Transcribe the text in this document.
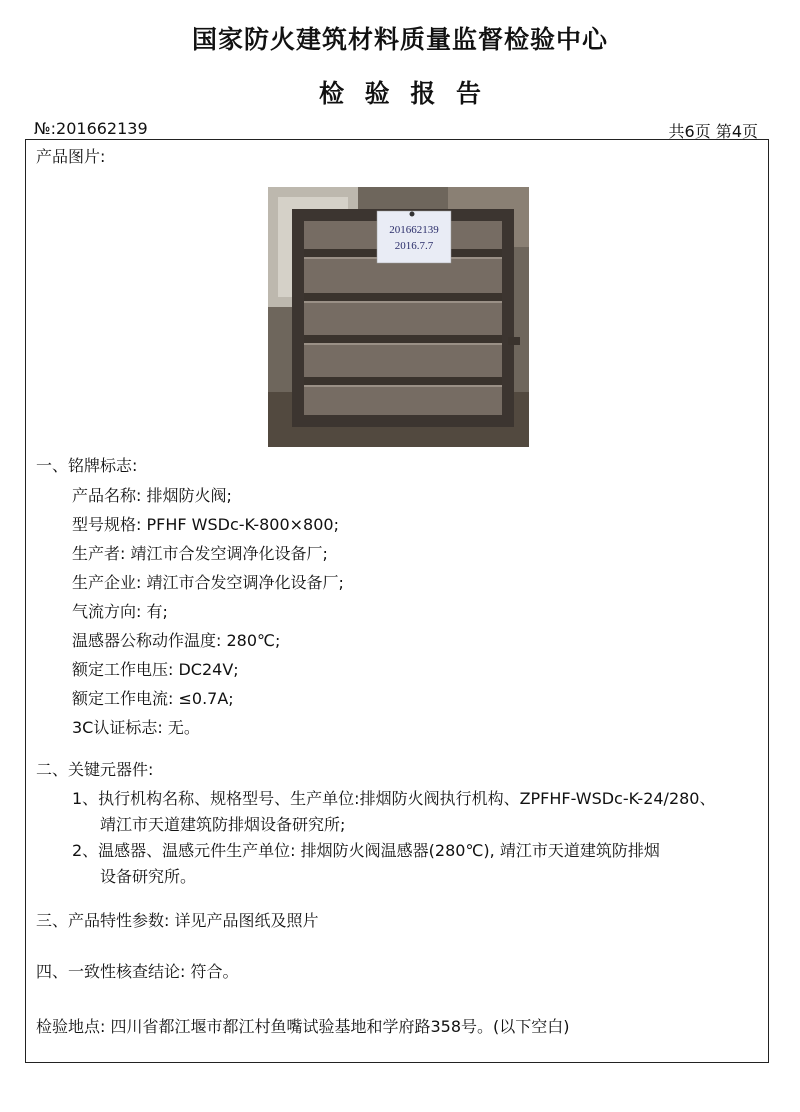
国家防火建筑材料质量监督检验中心
检 验 报 告
№:201662139	共6页 第4页
产品图片:
201662139
2016.7.7
一、铭牌标志:
产品名称: 排烟防火阀;
型号规格: PFHF WSDc-K-800×800;
生产者: 靖江市合发空调净化设备厂;
生产企业: 靖江市合发空调净化设备厂;
气流方向: 有;
温感器公称动作温度: 280℃;
额定工作电压: DC24V;
额定工作电流: ≤0.7A;
3C认证标志: 无。
二、关键元器件:
1、执行机构名称、规格型号、生产单位:排烟防火阀执行机构、ZPFHF-WSDc-K-24/280、
靖江市天道建筑防排烟设备研究所;
2、温感器、温感元件生产单位: 排烟防火阀温感器(280℃), 靖江市天道建筑防排烟
设备研究所。
三、产品特性参数: 详见产品图纸及照片
四、一致性核查结论: 符合。
检验地点: 四川省都江堰市都江村鱼嘴试验基地和学府路358号。(以下空白)
